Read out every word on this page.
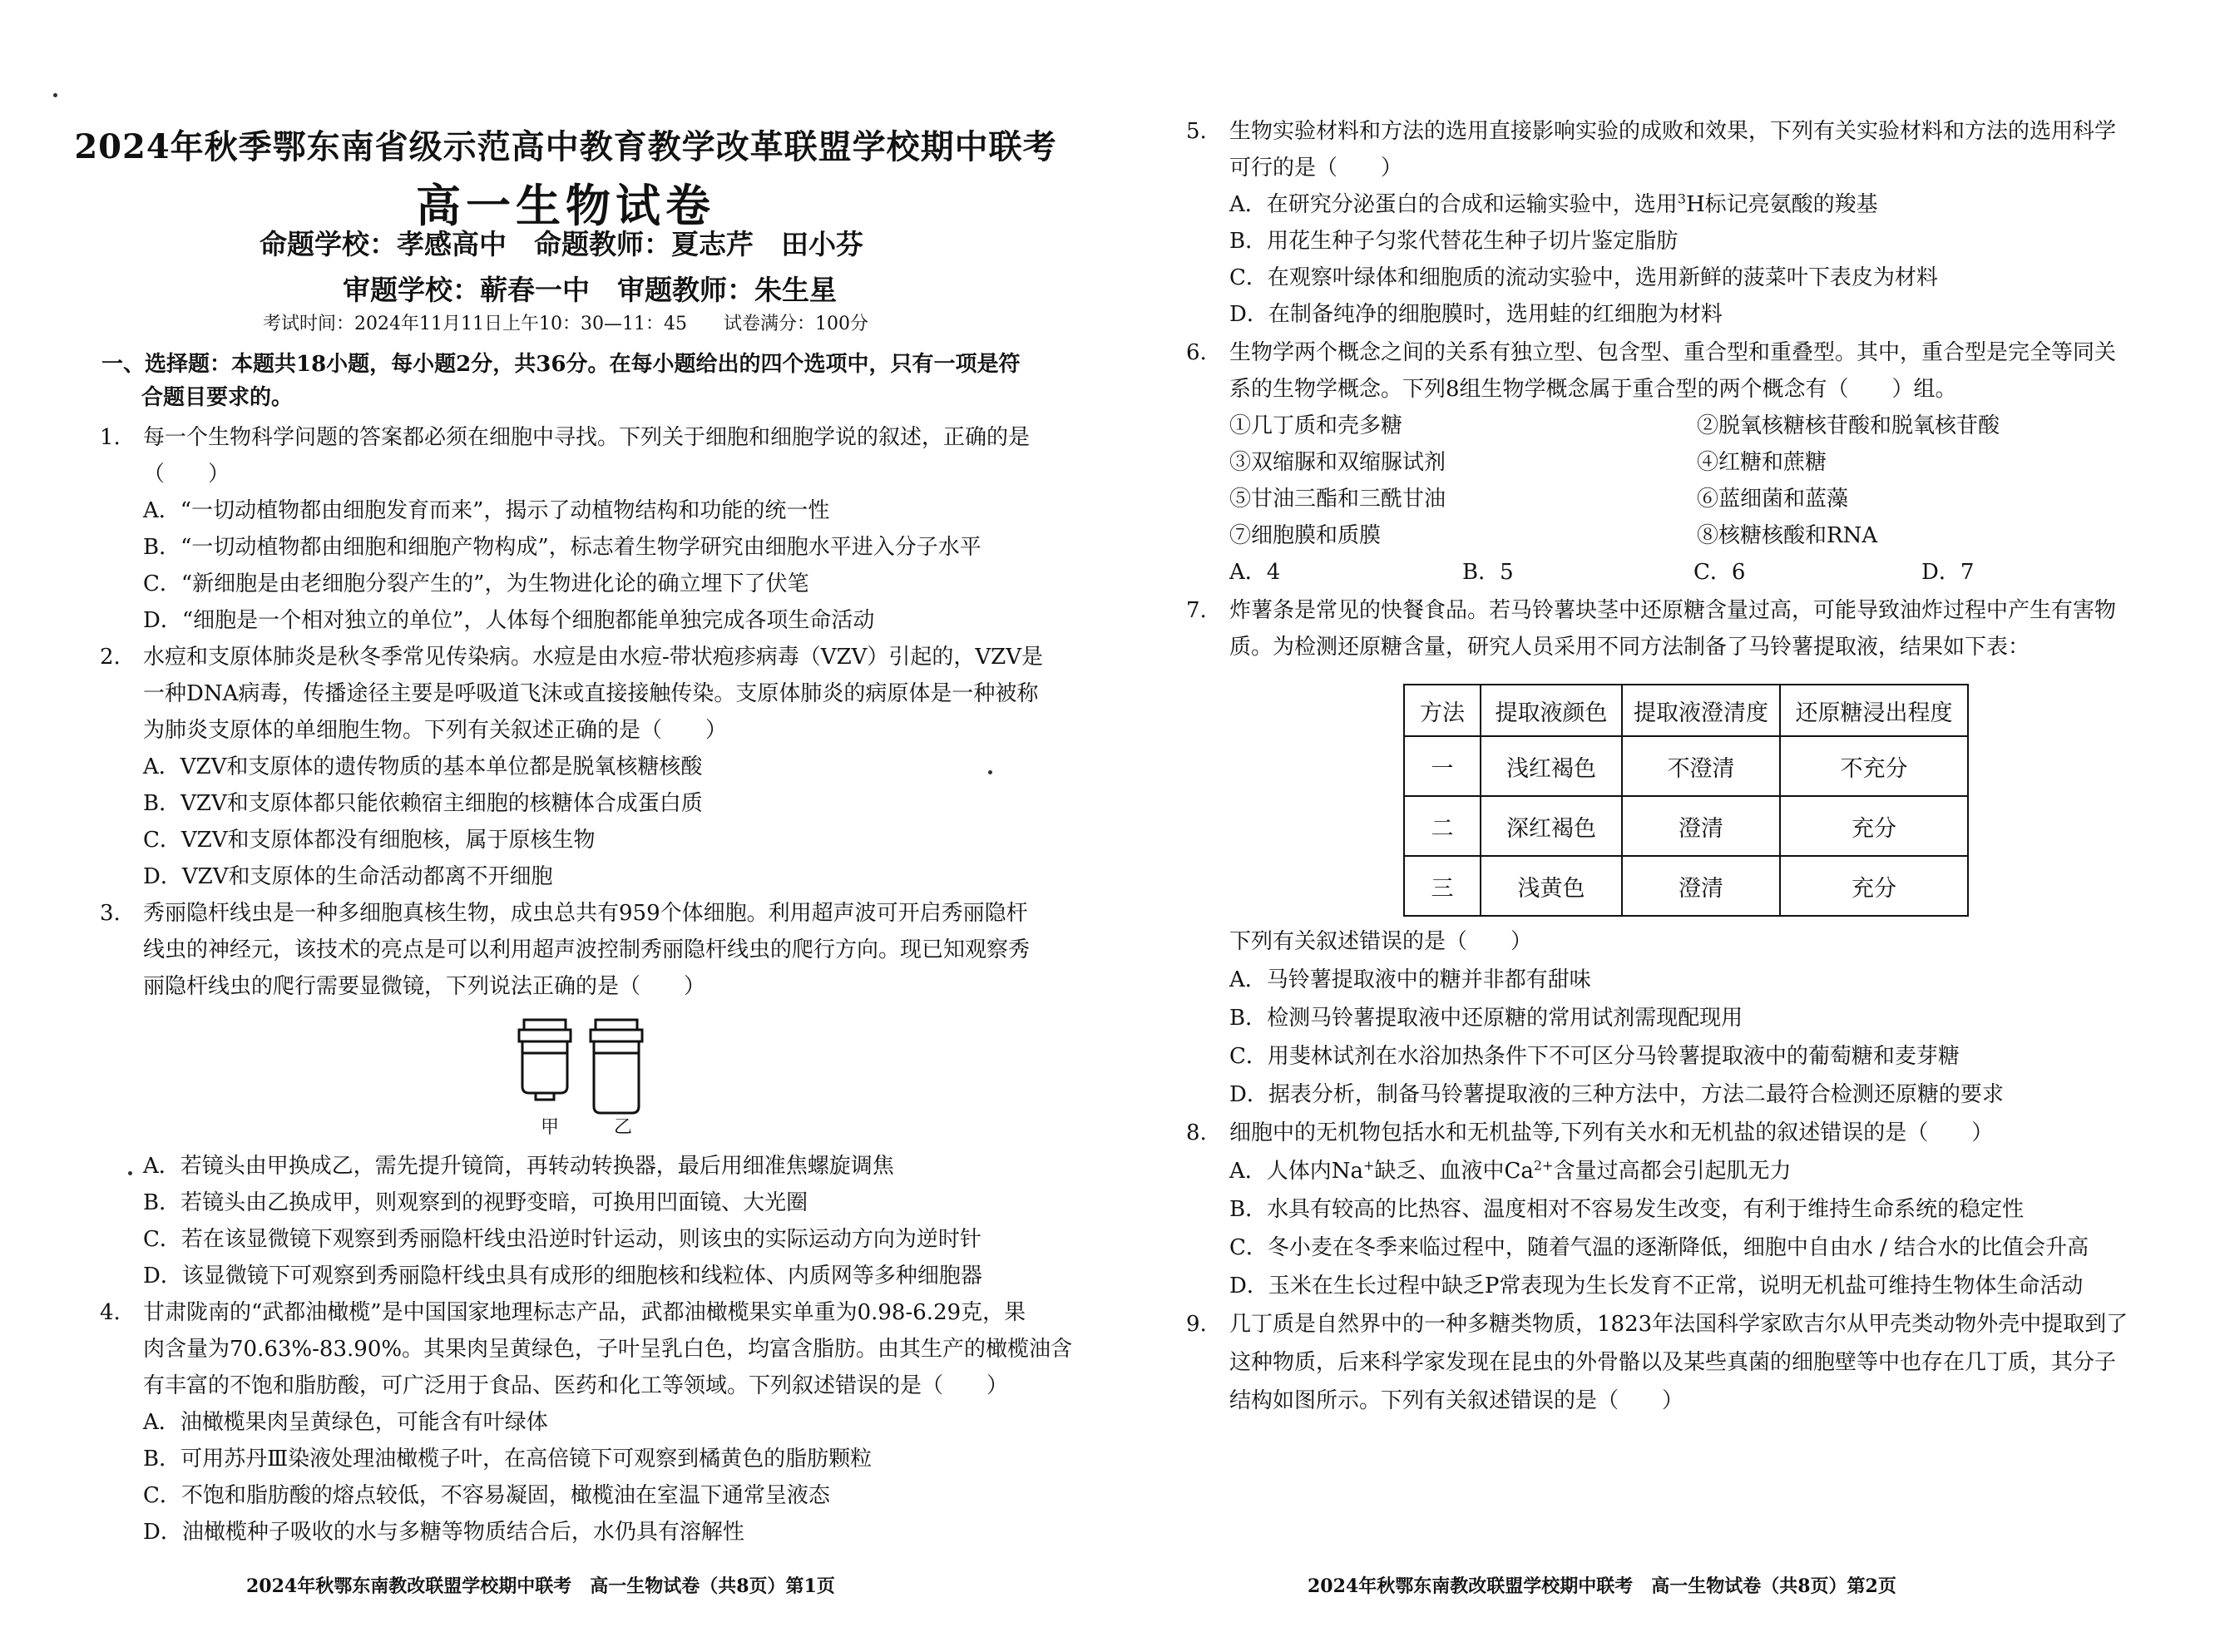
2024年秋季鄂东南省级示范高中教育教学改革联盟学校期中联考
高一生物试卷
命题学校：孝感高中　命题教师：夏志芹　田小芬
审题学校：蕲春一中　审题教师：朱生星
考试时间：2024年11月11日上午10：30—11：45　　试卷满分：100分
一、选择题：本题共18小题，每小题2分，共36分。在每小题给出的四个选项中，只有一项是符
合题目要求的。
1. 每一个生物科学问题的答案都必须在细胞中寻找。下列关于细胞和细胞学说的叙述，正确的是
（　　）
A．“一切动植物都由细胞发育而来”，揭示了动植物结构和功能的统一性
B．“一切动植物都由细胞和细胞产物构成”，标志着生物学研究由细胞水平进入分子水平
C．“新细胞是由老细胞分裂产生的”，为生物进化论的确立埋下了伏笔
D．“细胞是一个相对独立的单位”，人体每个细胞都能单独完成各项生命活动
2. 水痘和支原体肺炎是秋冬季常见传染病。水痘是由水痘-带状疱疹病毒（VZV）引起的，VZV是
一种DNA病毒，传播途径主要是呼吸道飞沫或直接接触传染。支原体肺炎的病原体是一种被称
为肺炎支原体的单细胞生物。下列有关叙述正确的是（　　）
A．VZV和支原体的遗传物质的基本单位都是脱氧核糖核酸
B．VZV和支原体都只能依赖宿主细胞的核糖体合成蛋白质
C．VZV和支原体都没有细胞核，属于原核生物
D．VZV和支原体的生命活动都离不开细胞
3. 秀丽隐杆线虫是一种多细胞真核生物，成虫总共有959个体细胞。利用超声波可开启秀丽隐杆
线虫的神经元，该技术的亮点是可以利用超声波控制秀丽隐杆线虫的爬行方向。现已知观察秀
丽隐杆线虫的爬行需要显微镜，下列说法正确的是（　　）
甲	乙
A．若镜头由甲换成乙，需先提升镜筒，再转动转换器，最后用细准焦螺旋调焦
B．若镜头由乙换成甲，则观察到的视野变暗，可换用凹面镜、大光圈
C．若在该显微镜下观察到秀丽隐杆线虫沿逆时针运动，则该虫的实际运动方向为逆时针
D．该显微镜下可观察到秀丽隐杆线虫具有成形的细胞核和线粒体、内质网等多种细胞器
4. 甘肃陇南的“武都油橄榄”是中国国家地理标志产品，武都油橄榄果实单重为0.98-6.29克，果
肉含量为70.63%-83.90%。其果肉呈黄绿色，子叶呈乳白色，均富含脂肪。由其生产的橄榄油含
有丰富的不饱和脂肪酸，可广泛用于食品、医药和化工等领域。下列叙述错误的是（　　）
A．油橄榄果肉呈黄绿色，可能含有叶绿体
B．可用苏丹Ⅲ染液处理油橄榄子叶，在高倍镜下可观察到橘黄色的脂肪颗粒
C．不饱和脂肪酸的熔点较低，不容易凝固，橄榄油在室温下通常呈液态
D．油橄榄种子吸收的水与多糖等物质结合后，水仍具有溶解性
2024年秋鄂东南教改联盟学校期中联考　高一生物试卷（共8页）第1页
5. 生物实验材料和方法的选用直接影响实验的成败和效果，下列有关实验材料和方法的选用科学
可行的是（　　）
A．在研究分泌蛋白的合成和运输实验中，选用$^3$H标记亮氨酸的羧基
B．用花生种子匀浆代替花生种子切片鉴定脂肪
C．在观察叶绿体和细胞质的流动实验中，选用新鲜的菠菜叶下表皮为材料
D．在制备纯净的细胞膜时，选用蛙的红细胞为材料
6. 生物学两个概念之间的关系有独立型、包含型、重合型和重叠型。其中，重合型是完全等同关
系的生物学概念。下列8组生物学概念属于重合型的两个概念有（　　）组。
①几丁质和壳多糖	②脱氧核糖核苷酸和脱氧核苷酸
③双缩脲和双缩脲试剂	④红糖和蔗糖
⑤甘油三酯和三酰甘油	⑥蓝细菌和蓝藻
⑦细胞膜和质膜	⑧核糖核酸和RNA
A．4	B．5	C．6	D．7
7. 炸薯条是常见的快餐食品。若马铃薯块茎中还原糖含量过高，可能导致油炸过程中产生有害物
质。为检测还原糖含量，研究人员采用不同方法制备了马铃薯提取液，结果如下表：
方法	提取液颜色	提取液澄清度	还原糖浸出程度
一	浅红褐色	不澄清	不充分
二	深红褐色	澄清	充分
三	浅黄色	澄清	充分
下列有关叙述错误的是（　　）
A．马铃薯提取液中的糖并非都有甜味
B．检测马铃薯提取液中还原糖的常用试剂需现配现用
C．用斐林试剂在水浴加热条件下不可区分马铃薯提取液中的葡萄糖和麦芽糖
D．据表分析，制备马铃薯提取液的三种方法中，方法二最符合检测还原糖的要求
8. 细胞中的无机物包括水和无机盐等,下列有关水和无机盐的叙述错误的是（　　）
A．人体内Na+缺乏、血液中$Ca^{2+}$含量过高都会引起肌无力
B．水具有较高的比热容、温度相对不容易发生改变，有利于维持生命系统的稳定性
C．冬小麦在冬季来临过程中，随着气温的逐渐降低，细胞中自由水 / 结合水的比值会升高
D．玉米在生长过程中缺乏P常表现为生长发育不正常，说明无机盐可维持生物体生命活动
9. 几丁质是自然界中的一种多糖类物质，1823年法国科学家欧吉尔从甲壳类动物外壳中提取到了
这种物质，后来科学家发现在昆虫的外骨骼以及某些真菌的细胞壁等中也存在几丁质，其分子
结构如图所示。下列有关叙述错误的是（　　）
2024年秋鄂东南教改联盟学校期中联考　高一生物试卷（共8页）第2页
